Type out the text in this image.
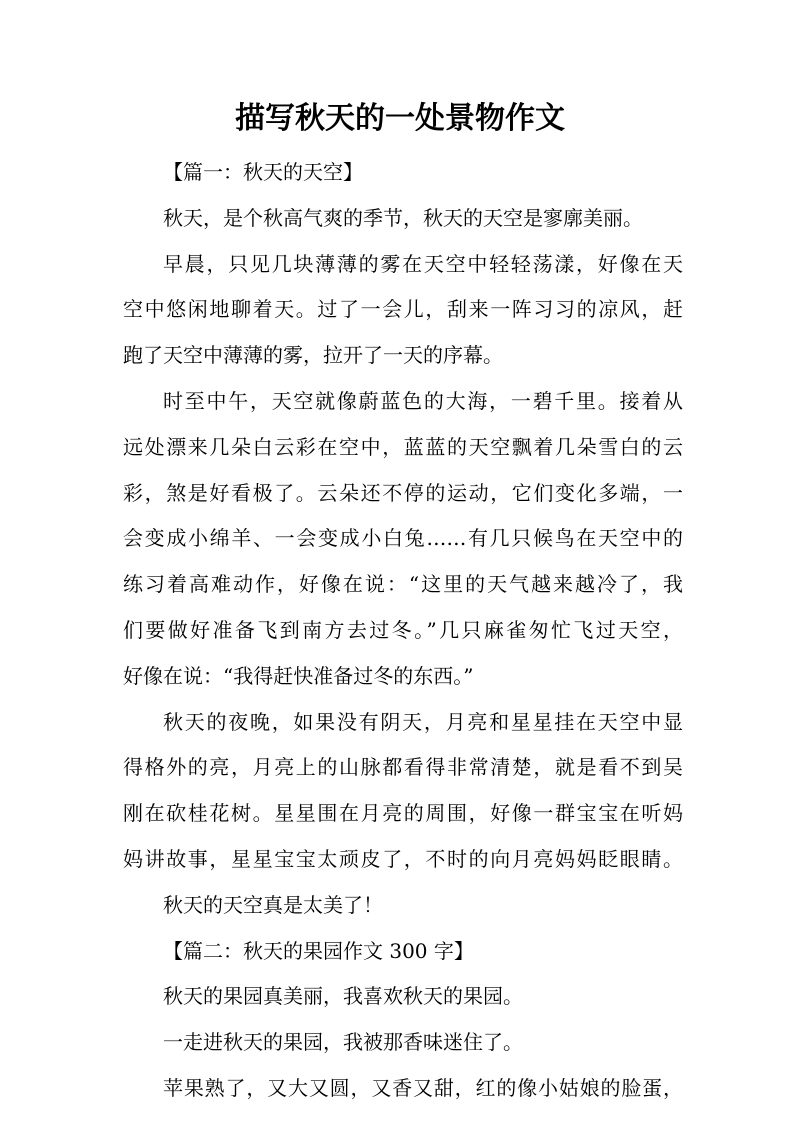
描写秋天的一处景物作文
【篇一：秋天的天空】
秋天，是个秋高气爽的季节，秋天的天空是寥廓美丽。
早晨，只见几块薄薄的雾在天空中轻轻荡漾，好像在天
空中悠闲地聊着天。过了一会儿，刮来一阵习习的凉风，赶
跑了天空中薄薄的雾，拉开了一天的序幕。
时至中午，天空就像蔚蓝色的大海，一碧千里。接着从
远处漂来几朵白云彩在空中，蓝蓝的天空飘着几朵雪白的云
彩，煞是好看极了。云朵还不停的运动，它们变化多端，一
会变成小绵羊、一会变成小白兔……有几只候鸟在天空中的
练习着高难动作，好像在说：“这里的天气越来越冷了，我
们要做好准备飞到南方去过冬。”几只麻雀匆忙飞过天空，
好像在说：“我得赶快准备过冬的东西。”
秋天的夜晚，如果没有阴天，月亮和星星挂在天空中显
得格外的亮，月亮上的山脉都看得非常清楚，就是看不到吴
刚在砍桂花树。星星围在月亮的周围，好像一群宝宝在听妈
妈讲故事，星星宝宝太顽皮了，不时的向月亮妈妈眨眼睛。
秋天的天空真是太美了！
【篇二：秋天的果园作文 300 字】
秋天的果园真美丽，我喜欢秋天的果园。
一走进秋天的果园，我被那香味迷住了。
苹果熟了，又大又圆，又香又甜，红的像小姑娘的脸蛋，
